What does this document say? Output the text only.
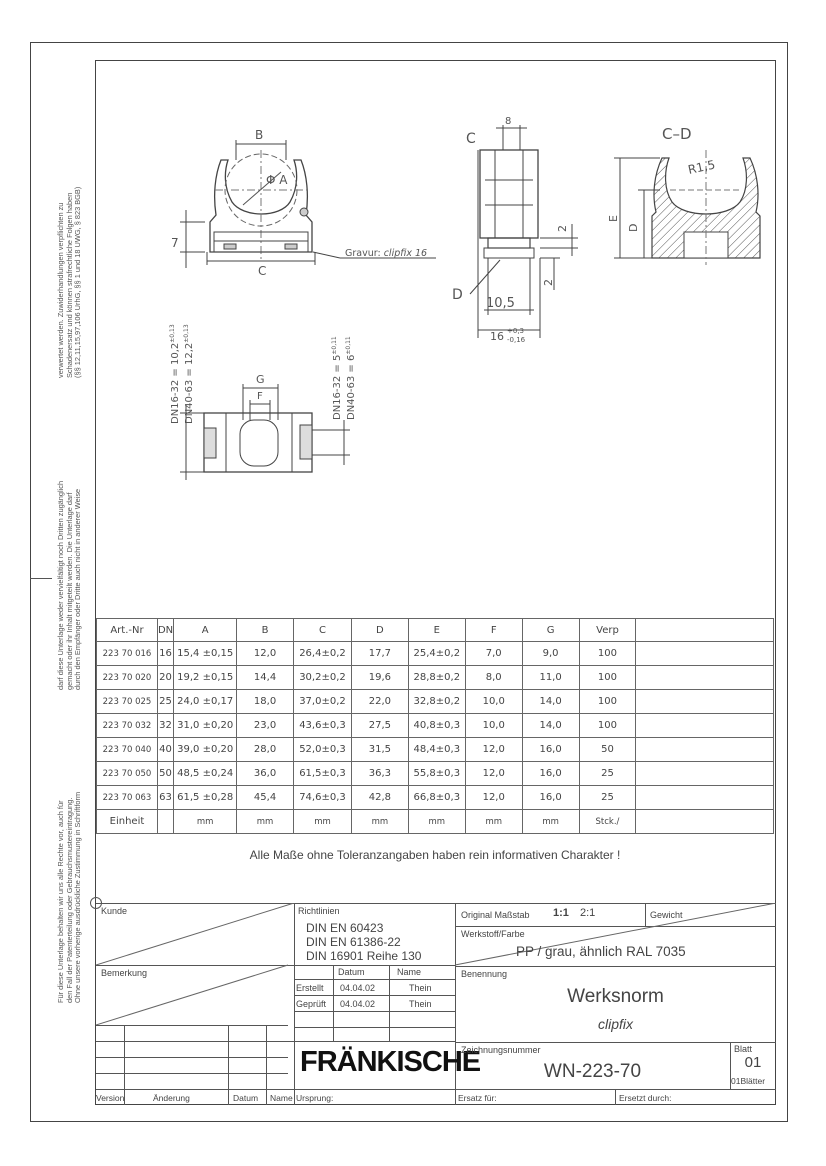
verwertet werden. Zuwiderhandlungen verpflichten zu Schadenersatz und können strafrechtliche Folgen haben (§§ 12,11,15,97,106 UrhG, §§ 1 und 18 UWG, § 823 BGB)
darf diese Unterlage weder vervielfältigt noch Dritten zugänglich gemacht oder ihr Inhalt mitgeteilt werden. Die Unterlage darf durch den Empfänger oder Dritte auch nicht in anderer Weise
Für diese Unterlage behalten wir uns alle Rechte vor, auch für den Fall der Patenterteilung oder Gebrauchsmustereintragung. Ohne unsere vorherige ausdrückliche Zustimmung in Schriftform
B
Φ A
7
C
Gravur: clipfix 16
C
8
2
2
D
10,5
16 +0,3
-0,16
C–D
R1,5
E
D
G
F
$DN16-32 = 10,2^{\pm 0,13}$
$DN40-63 = 12,2^{\pm 0,13}$
$DN16-32 = 5^{\pm 0,11}$
$DN40-63 = 6^{\pm 0,11}$
Art.-Nr	DN	A	B	C	D	E	F	G	Verp	
223 70 016	16	15,4 ±0,15	12,0	26,4±0,2	17,7	25,4±0,2	7,0	9,0	100	
223 70 020	20	19,2 ±0,15	14,4	30,2±0,2	19,6	28,8±0,2	8,0	11,0	100	
223 70 025	25	24,0 ±0,17	18,0	37,0±0,2	22,0	32,8±0,2	10,0	14,0	100	
223 70 032	32	31,0 ±0,20	23,0	43,6±0,3	27,5	40,8±0,3	10,0	14,0	100	
223 70 040	40	39,0 ±0,20	28,0	52,0±0,3	31,5	48,4±0,3	12,0	16,0	50	
223 70 050	50	48,5 ±0,24	36,0	61,5±0,3	36,3	55,8±0,3	12,0	16,0	25	
223 70 063	63	61,5 ±0,28	45,4	74,6±0,3	42,8	66,8±0,3	12,0	16,0	25	
Einheit		mm	mm	mm	mm	mm	mm	mm	Stck./	
Alle Maße ohne Toleranzangaben haben rein informativen Charakter !
Kunde	Richtlinien
DIN EN 60423
DIN EN 61386-22
DIN 16901 Reihe 130
Original Maßstab 1:1 2:1	Gewicht
Werkstoff/Farbe
PP / grau, ähnlich RAL 7035
Bemerkung	Datum	Name
Erstellt 04.04.02	Thein
Geprüft 04.04.02	Thein
Benennung
Werksnorm
clipfix
FRÄNKISCHE
Zeichnungsnummer
WN-223-70
Blatt
01
01Blätter
Version	Änderung	Datum Name Ursprung:	Ersatz für:	Ersetzt durch:
